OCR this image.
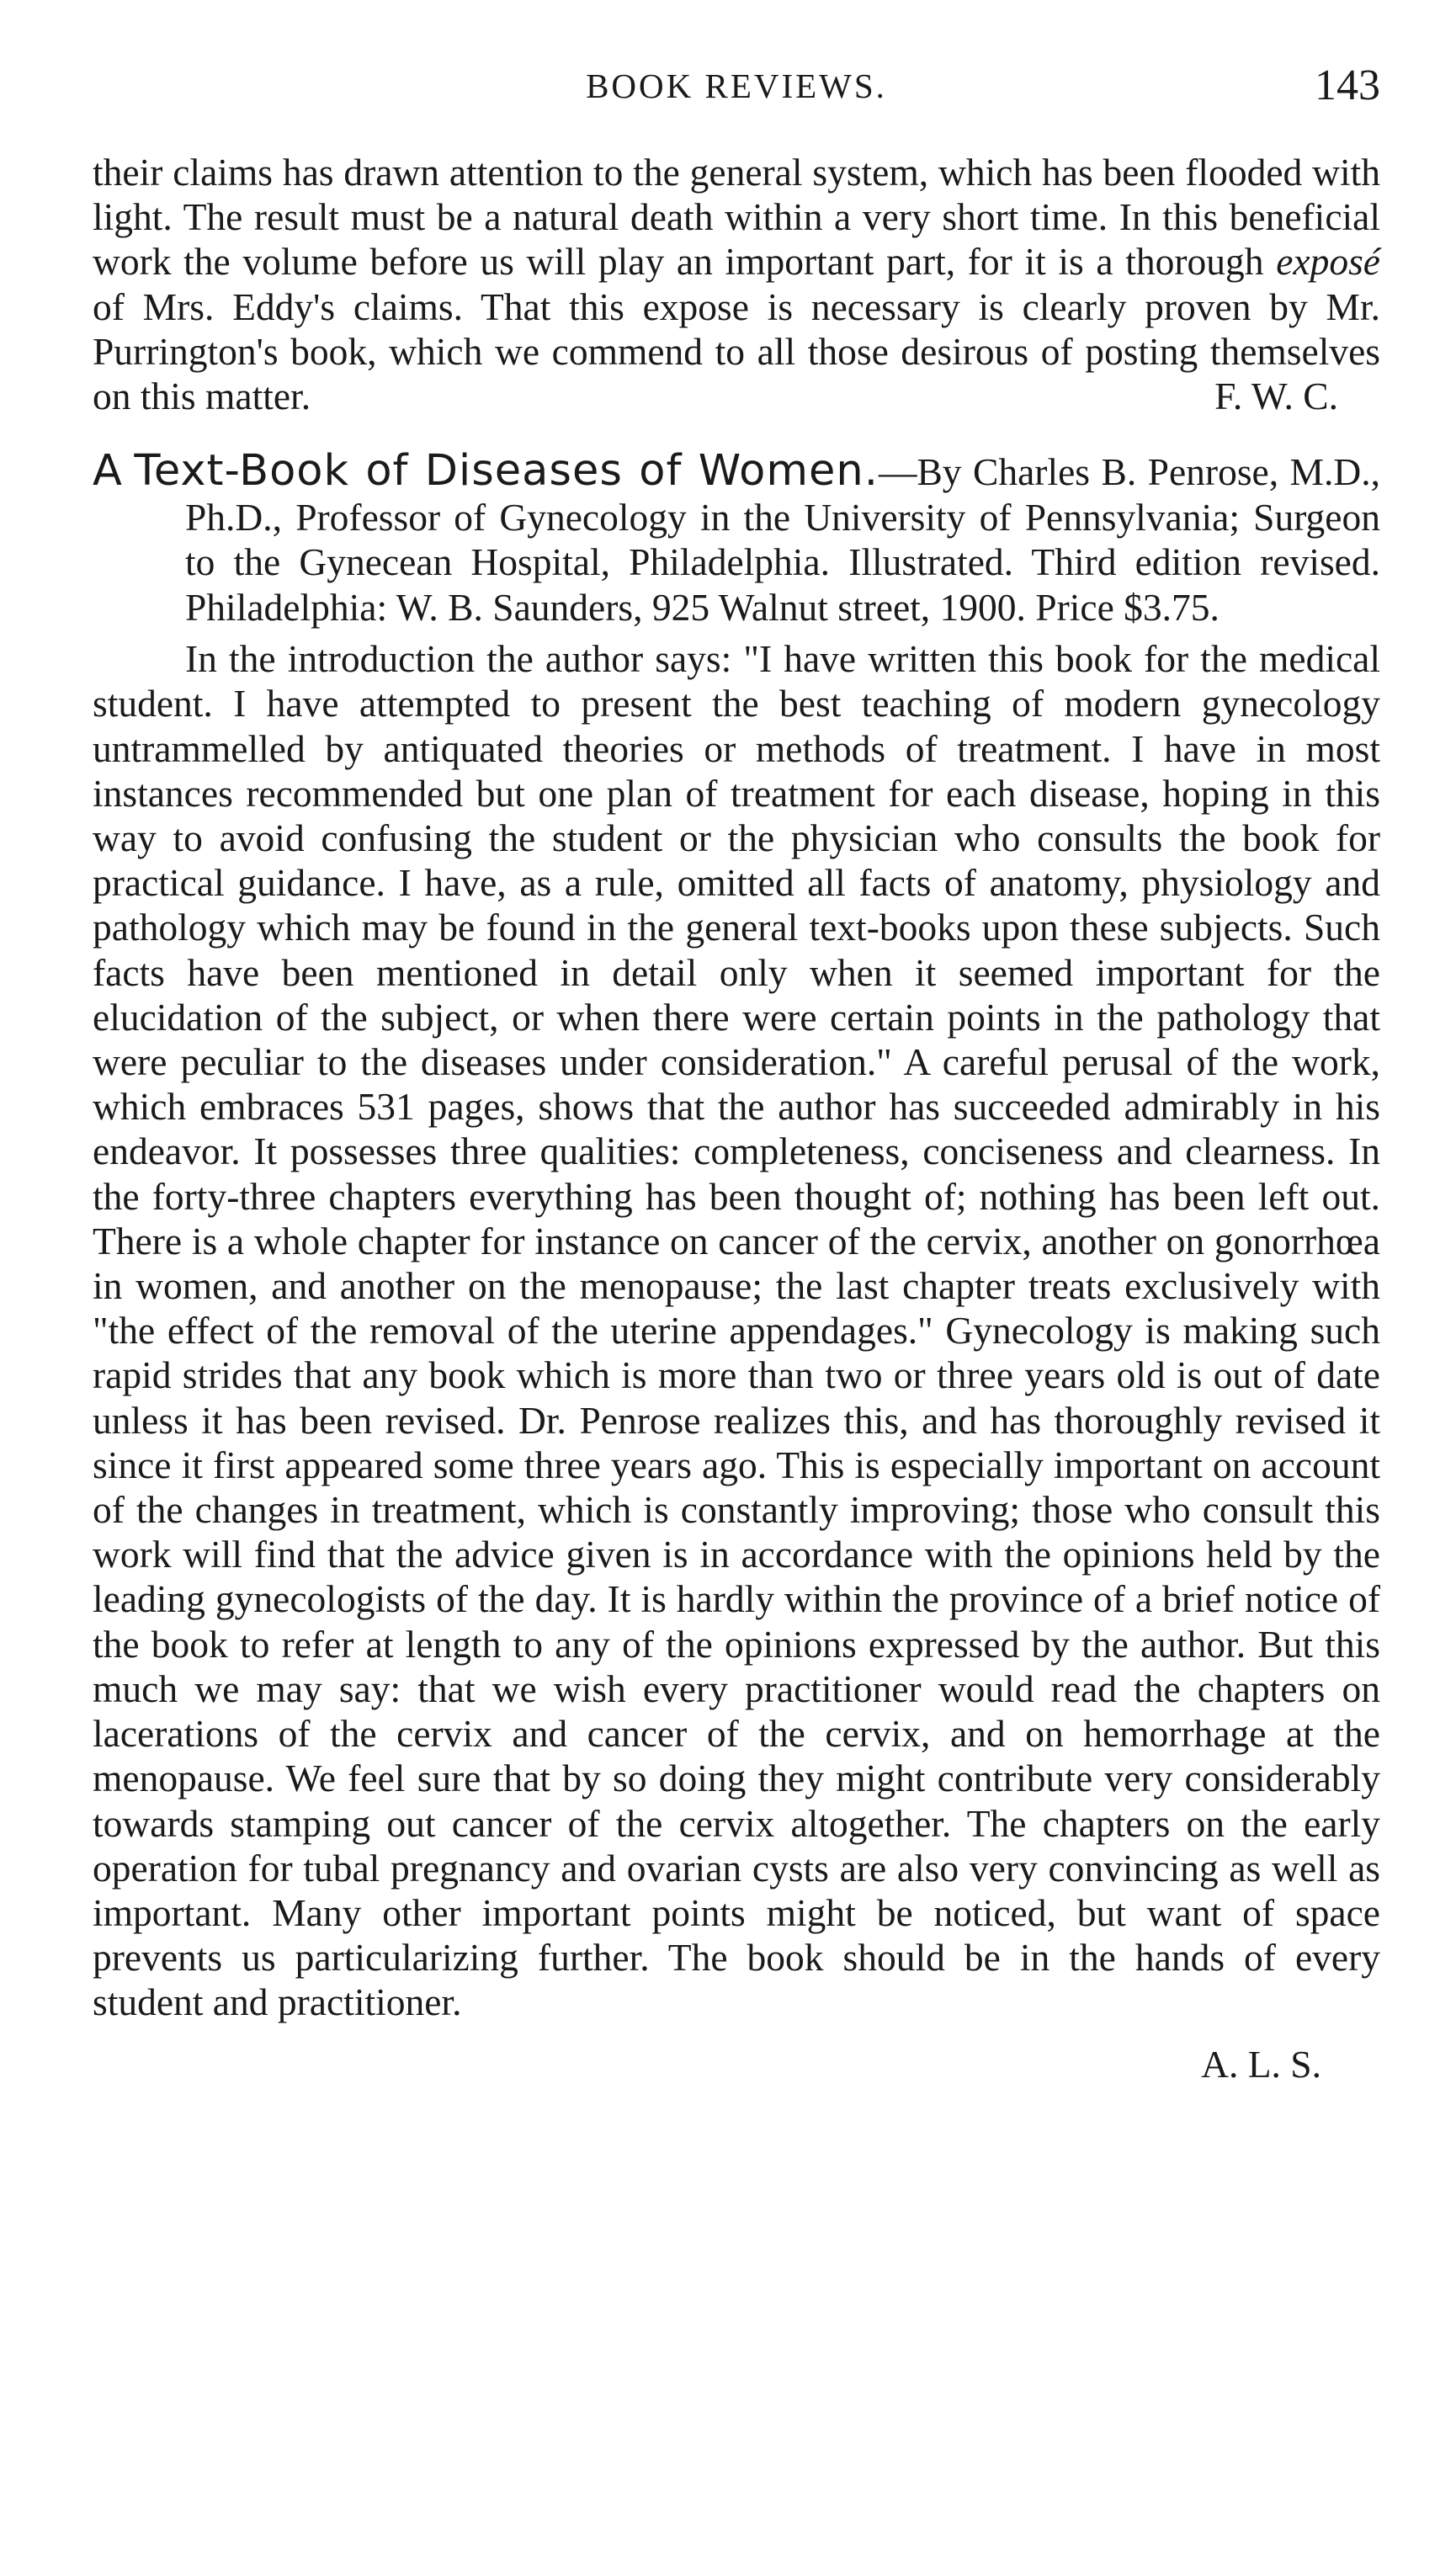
BOOK REVIEWS.	143

their claims has drawn attention to the general system, which has been flooded with light. The result must be a natural death within a very short time. In this beneficial work the volume before us will play an important part, for it is a thorough exposé of Mrs. Eddy's claims. That this expose is necessary is clearly proven by Mr. Purrington's book, which we commend to all those desirous of posting themselves on this matter.	F. W. C.

A Text-Book of Diseases of Women.—By Charles B. Penrose, M.D., Ph.D., Professor of Gynecology in the University of Pennsylvania; Surgeon to the Gynecean Hospital, Philadelphia. Illustrated. Third edition revised. Philadelphia: W. B. Saunders, 925 Walnut street, 1900. Price $3.75.

In the introduction the author says: "I have written this book for the medical student. I have attempted to present the best teaching of modern gynecology untrammelled by antiquated theories or methods of treatment. I have in most instances recommended but one plan of treatment for each disease, hoping in this way to avoid confusing the student or the physician who consults the book for practical guidance. I have, as a rule, omitted all facts of anatomy, physiology and pathology which may be found in the general text-books upon these subjects. Such facts have been mentioned in detail only when it seemed important for the elucidation of the subject, or when there were certain points in the pathology that were peculiar to the diseases under consideration." A careful perusal of the work, which embraces 531 pages, shows that the author has succeeded admirably in his endeavor. It possesses three qualities: completeness, conciseness and clearness. In the forty-three chapters everything has been thought of; nothing has been left out. There is a whole chapter for instance on cancer of the cervix, another on gonorrhœa in women, and another on the menopause; the last chapter treats exclusively with "the effect of the removal of the uterine appendages." Gynecology is making such rapid strides that any book which is more than two or three years old is out of date unless it has been revised. Dr. Penrose realizes this, and has thoroughly revised it since it first appeared some three years ago. This is especially important on account of the changes in treatment, which is constantly improving; those who consult this work will find that the advice given is in accordance with the opinions held by the leading gynecologists of the day. It is hardly within the province of a brief notice of the book to refer at length to any of the opinions expressed by the author. But this much we may say: that we wish every practitioner would read the chapters on lacerations of the cervix and cancer of the cervix, and on hemorrhage at the menopause. We feel sure that by so doing they might contribute very considerably towards stamping out cancer of the cervix altogether. The chapters on the early operation for tubal pregnancy and ovarian cysts are also very convincing as well as important. Many other important points might be noticed, but want of space prevents us particularizing further. The book should be in the hands of every student and practitioner.

A. L. S.
